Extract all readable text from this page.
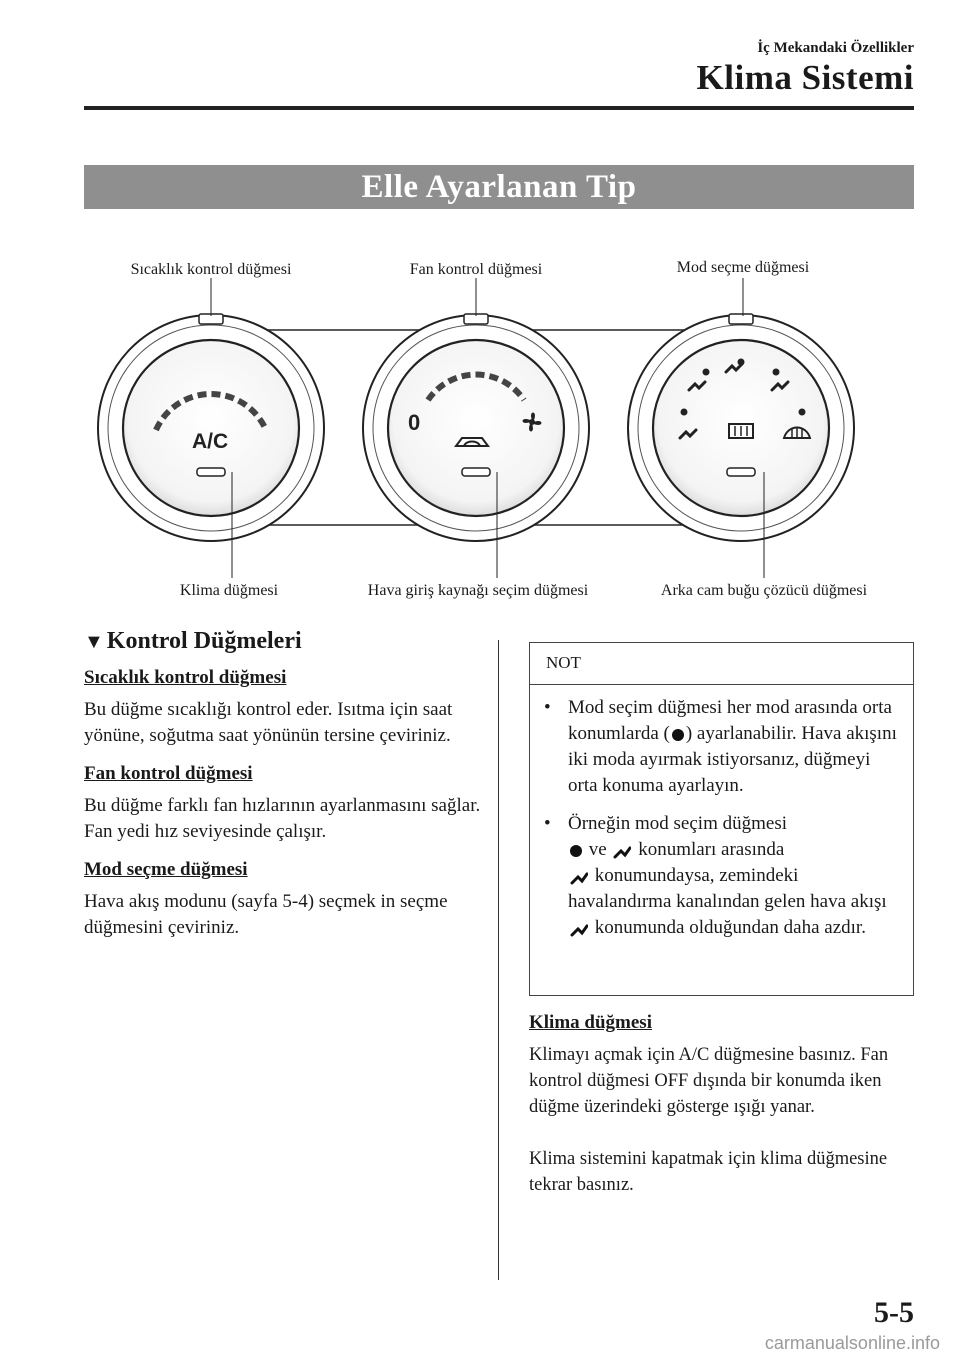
İç Mekandaki Özellikler
Klima Sistemi
Elle Ayarlanan Tip
A/C
0
Sıcaklık kontrol düğmesi	Fan kontrol düğmesi	Mod seçme düğmesi
Klima düğmesi	Hava giriş kaynağı seçim düğmesi	Arka cam buğu çözücü düğmesi
▼ Kontrol Düğmeleri
Sıcaklık kontrol düğmesi
Bu düğme sıcaklığı kontrol eder. Isıtma için saat yönüne, soğutma saat yönünün tersine çeviriniz.
Fan kontrol düğmesi
Bu düğme farklı fan hızlarının ayarlanmasını sağlar.
Fan yedi hız seviyesinde çalışır.
Mod seçme düğmesi
Hava akış modunu (sayfa 5-4) seçmek in seçme düğmesini çeviriniz.
NOT
• Mod seçim düğmesi her mod arasında orta konumlarda ( ) ayarlanabilir. Hava akışını iki moda ayırmak istiyorsanız, düğmeyi orta konuma ayarlayın.
• Örneğin mod seçim düğmesi
ve konumları arasında
konumundaysa, zemindeki havalandırma kanalından gelen hava akışı  konumunda olduğundan daha azdır.
Klima düğmesi
Klimayı açmak için A/C düğmesine basınız. Fan kontrol düğmesi OFF dışında bir konumda iken düğme üzerindeki gösterge ışığı yanar.
Klima sistemini kapatmak için klima düğmesine tekrar basınız.
5-5
carmanualsonline.info
